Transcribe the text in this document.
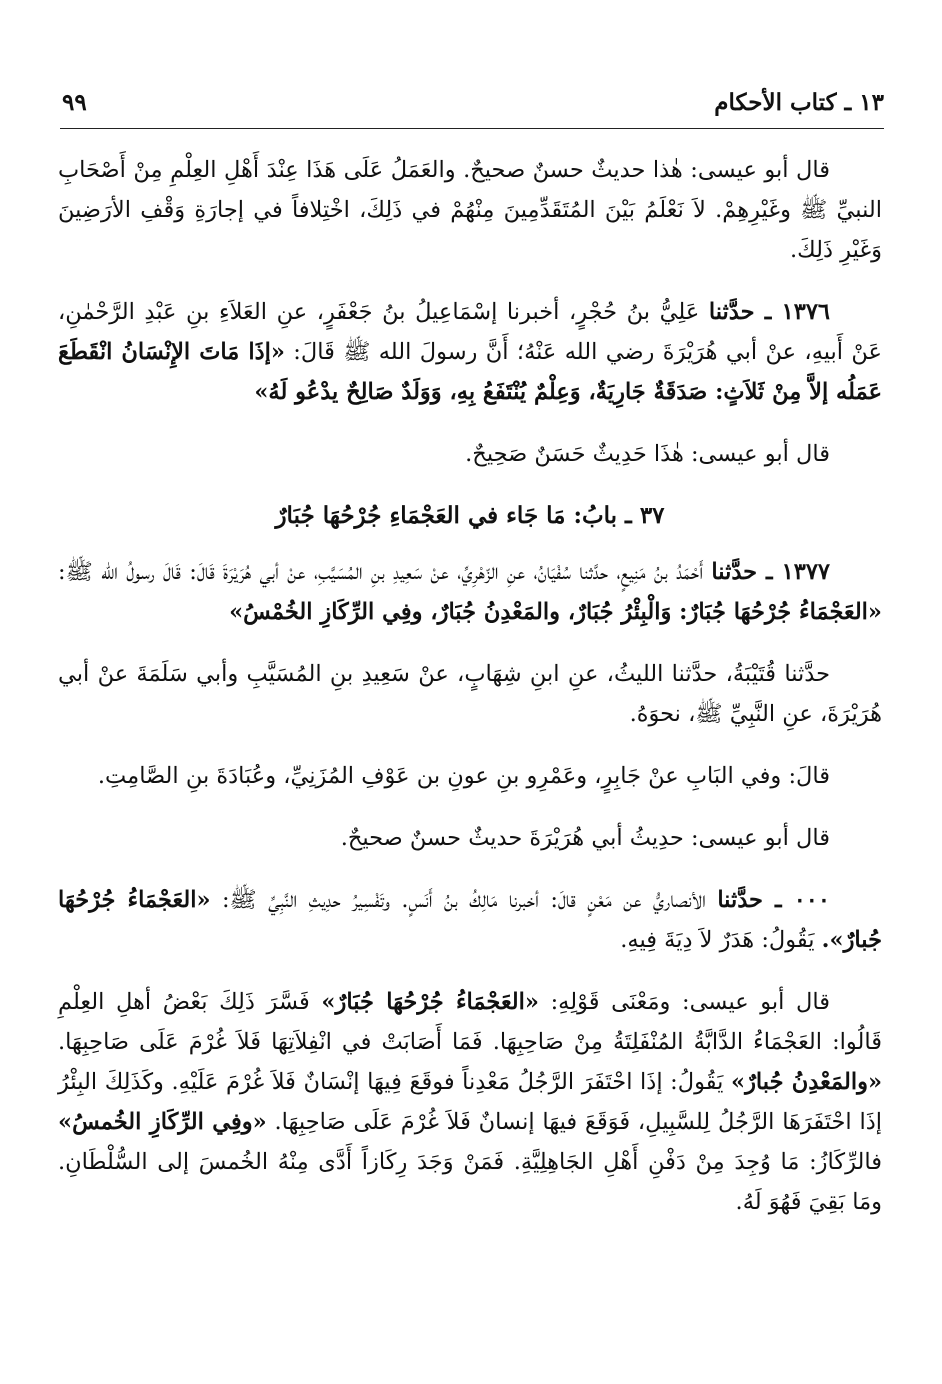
١٣ ـ كتاب الأحكام
٩٩

قال أبو عيسى: هٰذا حديثٌ حسنٌ صحيحٌ. والعَمَلُ عَلَى هَذَا عِنْدَ أَهْلِ العِلْمِ مِنْ أَصْحَابِ النبيِّ ﷺ وغَيْرِهِمْ. لاَ نَعْلَمُ بَيْنَ المُتَقَدِّمِينَ مِنْهُمْ في ذَلِكَ، اخْتِلافاً في إجارَةِ وَقْفِ الأرَضِينَ وَغَيْرِ ذَلِكَ.

١٣٧٦ ـ حدَّثنا عَلِيُّ بنُ حُجْرٍ، أخبرنا إسْمَاعِيلُ بنُ جَعْفَرٍ، عنِ العَلاَءِ بنِ عَبْدِ الرَّحْمٰنِ، عَنْ أَبيهِ، عنْ أبي هُرَيْرَةَ رضي الله عَنْهُ؛ أَنَّ رسولَ الله ﷺ قَالَ: «إذَا مَاتَ الإِنْسَانُ انْقَطَعَ عَمَلُه إلاَّ مِنْ ثَلاَثٍ: صَدَقَةٌ جَارِيَةٌ، وَعِلْمٌ يُنْتَفَعُ بِهِ، وَوَلَدٌ صَالِحٌ يدْعُو لَهُ»

قال أبو عيسى: هٰذَا حَدِيثٌ حَسَنٌ صَحِيحٌ.

٣٧ ـ بابُ: مَا جَاء في العَجْمَاءِ جُرْحُهَا جُبَارٌ

١٣٧٧ ـ حدَّثنا أَحْمَدُ بنُ مَنِيعٍ، حدَّثنا سُفْيَانُ، عنِ الزّهْرِيِّ، عنْ سَعِيدِ بنِ المُسَيَّبِ، عنْ أبي هُرَيْرَةَ قَالَ: قَالَ رسولُ الله ﷺ: «العَجْمَاءُ جُرْحُهَا جُبَارٌ: وَالْبِئْرُ جُبَارٌ، والمَعْدِنُ جُبَارٌ، وفِي الرِّكَازِ الخُمْسُ»

حدَّثنا قُتَيْبَةُ، حدَّثنا الليثُ، عنِ ابنِ شِهَابٍ، عنْ سَعِيدِ بنِ المُسَيَّبِ وأبي سَلَمَةَ عنْ أبي هُرَيْرَةَ، عنِ النَّبِيِّ ﷺ، نحوَهُ.

قالَ: وفي البَابِ عنْ جَابِرٍ، وعَمْرِو بنِ عونِ بن عَوْفِ المُزَنِيِّ، وعُبَادَةَ بنِ الصَّامِتِ.

قال أبو عيسى: حدِيثُ أبي هُرَيْرَةَ حديثٌ حسنٌ صحيحٌ.

٠٠٠ ـ حدَّثنا الأنصاريُّ عن مَعْنٍ قالَ: أخبرنا مَالِكُ بنُ أَنَسٍ. وتَفْسِيرُ حدِيثِ النَّبِيِّ ﷺ: «العَجْمَاءُ جُرْحُهَا جُبارٌ». يَقُولُ: هَدَرٌ لاَ دِيَةَ فِيهِ.

قال أبو عيسى: ومَعْنَى قَوْلِهِ: «العَجْمَاءُ جُرْحُهَا جُبَارٌ» فَسَّرَ ذَلِكَ بَعْضُ أهلِ العِلْمِ قَالُوا: العَجْمَاءُ الدَّابَّةُ المُنْفَلِتَةُ مِنْ صَاحِبِهَا. فَمَا أَصَابَتْ في انْفِلاَتِهَا فَلاَ غُرْمَ عَلَى صَاحِبِهَا. «والمَعْدِنُ جُبارٌ» يَقُولُ: إذَا احْتَفَرَ الرَّجُلُ مَعْدِناً فوقَعَ فِيهَا إنْسَانٌ فَلاَ غُرْمَ عَلَيْهِ. وكَذَلِكَ البِئْرُ إذَا احْتَفَرَهَا الرَّجُلُ لِلسَّبِيلِ، فَوَقَعَ فيهَا إنسانٌ فَلاَ غُرْمَ عَلَى صَاحِبِهَا. «وفِي الرِّكَازِ الخُمسُ» فالرِّكَازُ: مَا وُجِدَ مِنْ دَفْنِ أَهْلِ الجَاهِلِيَّةِ. فَمَنْ وَجَدَ رِكَازاً أَدَّى مِنْهُ الخُمسَ إلى السُّلْطَانِ. ومَا بَقِيَ فَهُوَ لَهُ.
